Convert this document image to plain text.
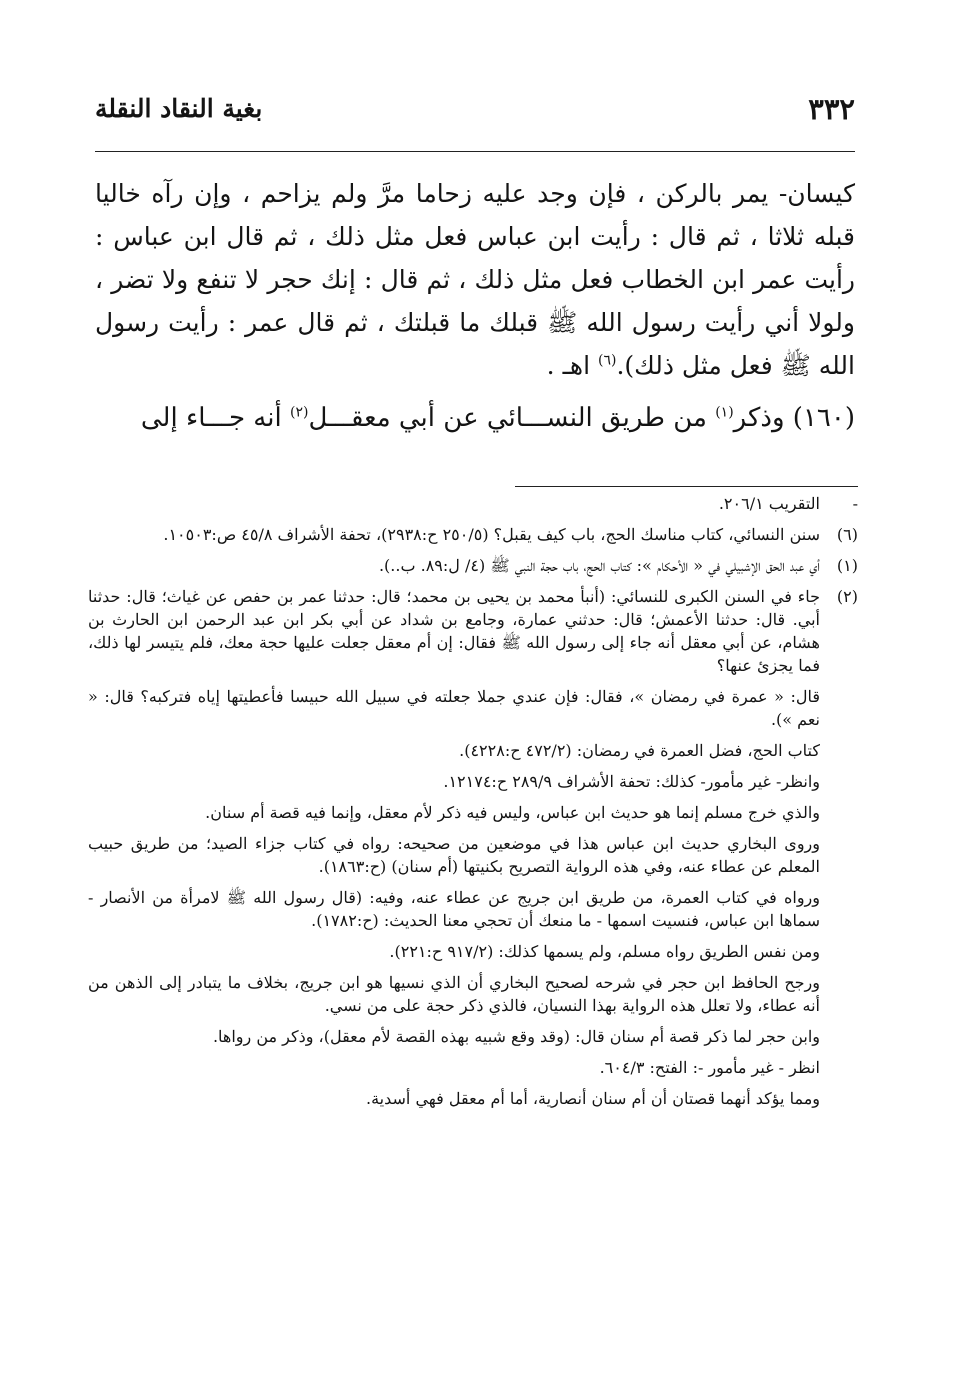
٣٣٢
بغية النقاد النقلة

كيسان- يمر بالركن ، فإن وجد عليه زحاما مرَّ ولم يزاحم ، وإن رآه خاليا قبله ثلاثا ، ثم قال : رأيت ابن عباس فعل مثل ذلك ، ثم قال ابن عباس : رأيت عمر ابن الخطاب فعل مثل ذلك ، ثم قال : إنك حجر لا تنفع ولا تضر ، ولولا أني رأيت رسول الله ﷺ قبلك ما قبلتك ، ثم قال عمر : رأيت رسول الله ﷺ فعل مثل ذلك).$^{(٦)}$ اهـ .

(١٦٠) وذكر$^{(١)}$ من طريق النســـائي عن أبي معقـــل$^{(٢)}$ أنه جـــاء إلى

-
التقريب ٢٠٦/١.
(٦)
سنن النسائي، كتاب مناسك الحج، باب كيف يقبل؟ (٢٥٠/٥ ح:٢٩٣٨)، تحفة الأشراف ٤٥/٨ ص:١٠٥٠٣.
(١)
أي عبد الحق الإشبيلي في « الأحكام »: كتاب الحج، باب حجة النبي ﷺ (٤/ ل:٨٩. ب..).
(٢)
جاء في السنن الكبرى للنسائي: (أنبأ محمد بن يحيى بن محمد؛ قال: حدثنا عمر بن حفص عن غياث؛ قال: حدثنا أبي. قال: حدثنا الأعمش؛ قال: حدثني عمارة، وجامع بن شداد عن أبي بكر ابن عبد الرحمن ابن الحارث بن هشام، عن أبي معقل أنه جاء إلى رسول الله ﷺ فقال: إن أم معقل جعلت عليها حجة معك، فلم يتيسر لها ذلك، فما يجزئ عنها؟

قال: « عمرة في رمضان »، فقال: فإن عندي جملا جعلته في سبيل الله حبيسا فأعطيتها إياه فتركبه؟ قال: « نعم »).

كتاب الحج، فضل العمرة في رمضان: (٤٧٢/٢ ح:٤٢٢٨).

وانظر- غير مأمور- كذلك: تحفة الأشراف ٢٨٩/٩ ح:١٢١٧٤.

والذي خرج مسلم إنما هو حديث ابن عباس، وليس فيه ذكر لأم معقل، وإنما فيه قصة أم سنان.

وروى البخاري حديث ابن عباس هذا في موضعين من صحيحه: رواه في كتاب جزاء الصيد؛ من طريق حبيب المعلم عن عطاء عنه، وفي هذه الرواية التصريح بكنيتها (أم سنان) (ح:١٨٦٣).

ورواه في كتاب العمرة، من طريق ابن جريج عن عطاء عنه، وفيه: (قال رسول الله ﷺ لامرأة من الأنصار - سماها ابن عباس، فنسيت اسمها - ما منعك أن تحجي معنا الحديث: (ح:١٧٨٢).

ومن نفس الطريق رواه مسلم، ولم يسمها كذلك: (٩١٧/٢ ح:٢٢١).

ورجح الحافظ ابن حجر في شرحه لصحيح البخاري أن الذي نسيها هو ابن جريج، بخلاف ما يتبادر إلى الذهن من أنه عطاء، ولا تعلل هذه الرواية بهذا النسيان، فالذي ذكر حجة على من نسي.

وابن حجر لما ذكر قصة أم سنان قال: (وقد وقع شبيه بهذه القصة لأم معقل)، وذكر من رواها.

انظر - غير مأمور -: الفتح: ٦٠٤/٣.

ومما يؤكد أنهما قصتان أن أم سنان أنصارية، أما أم معقل فهي أسدية.
